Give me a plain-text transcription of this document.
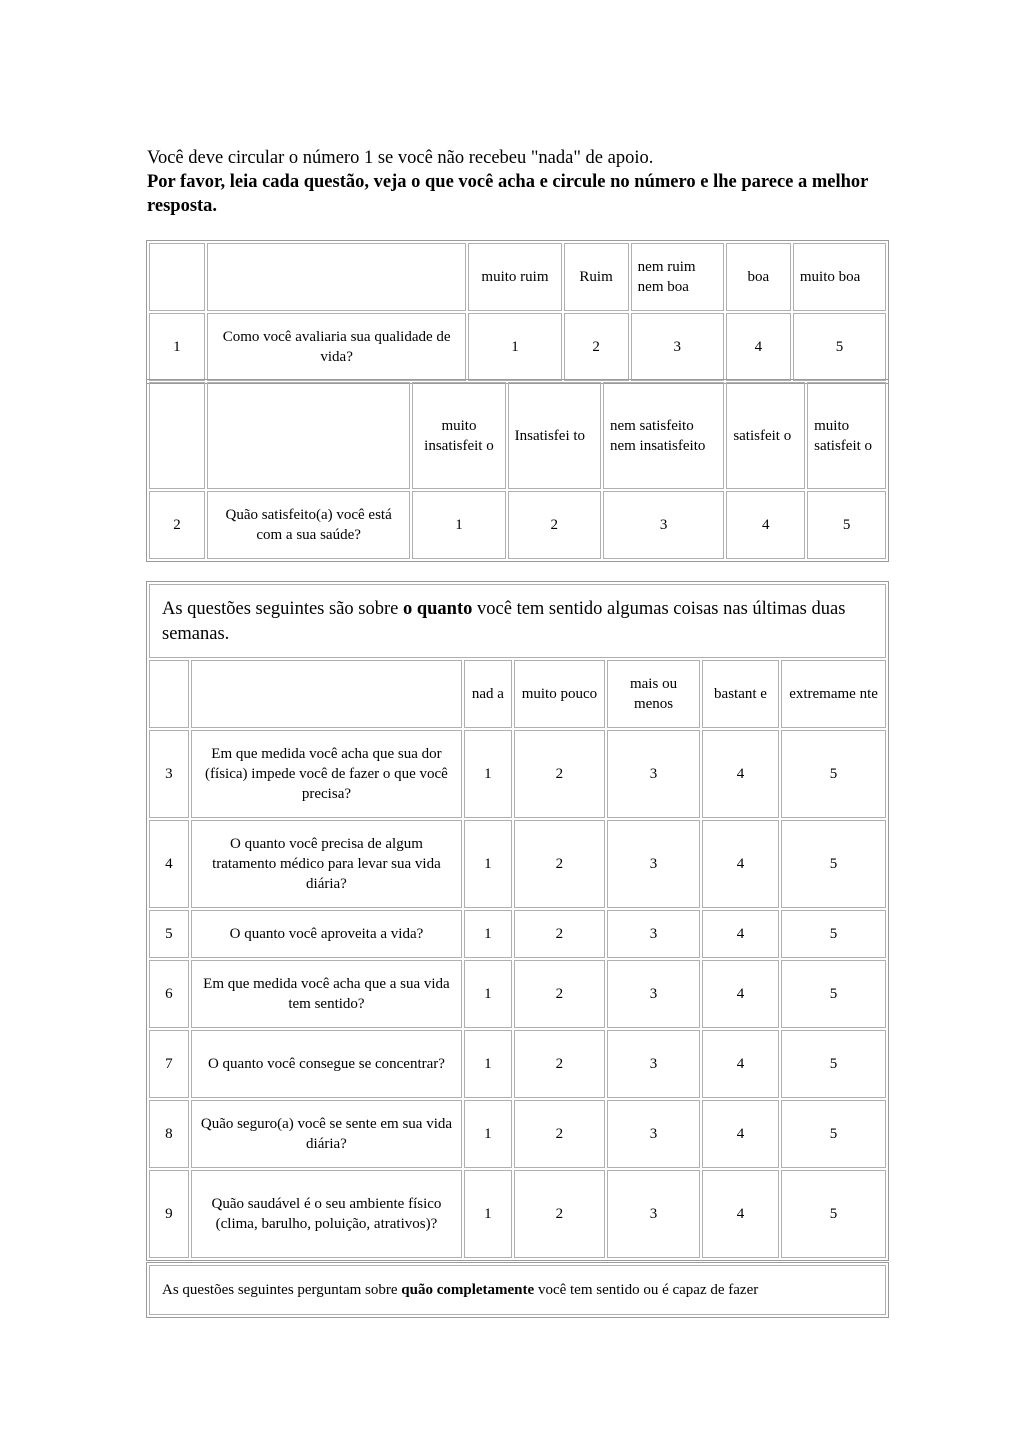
Você deve circular o número 1 se você não recebeu "nada" de apoio.
Por favor, leia cada questão, veja o que você acha e circule no número e lhe parece a melhor resposta.
		muito ruim	Ruim	nem ruim nem boa	boa	muito boa
1	Como você avaliaria sua qualidade de vida?	1	2	3	4	5
		muito insatisfeit o	Insatisfei to	nem satisfeito nem insatisfeito	satisfeit o	muito satisfeit o
2	Quão satisfeito(a) você está com a sua saúde?	1	2	3	4	5
As questões seguintes são sobre o quanto você tem sentido algumas coisas nas últimas duas semanas.						
		nad a	muito pouco	mais ou menos	bastant e	extremame nte
3	Em que medida você acha que sua dor (física) impede você de fazer o que você precisa?	1	2	3	4	5
4	O quanto você precisa de algum tratamento médico para levar sua vida diária?	1	2	3	4	5
5	O quanto você aproveita a vida?	1	2	3	4	5
6	Em que medida você acha que a sua vida tem sentido?	1	2	3	4	5
7	O quanto você consegue se concentrar?	1	2	3	4	5
8	Quão seguro(a) você se sente em sua vida diária?	1	2	3	4	5
9	Quão saudável é o seu ambiente físico (clima, barulho, poluição, atrativos)?	1	2	3	4	5
As questões seguintes perguntam sobre quão completamente você tem sentido ou é capaz de fazer
